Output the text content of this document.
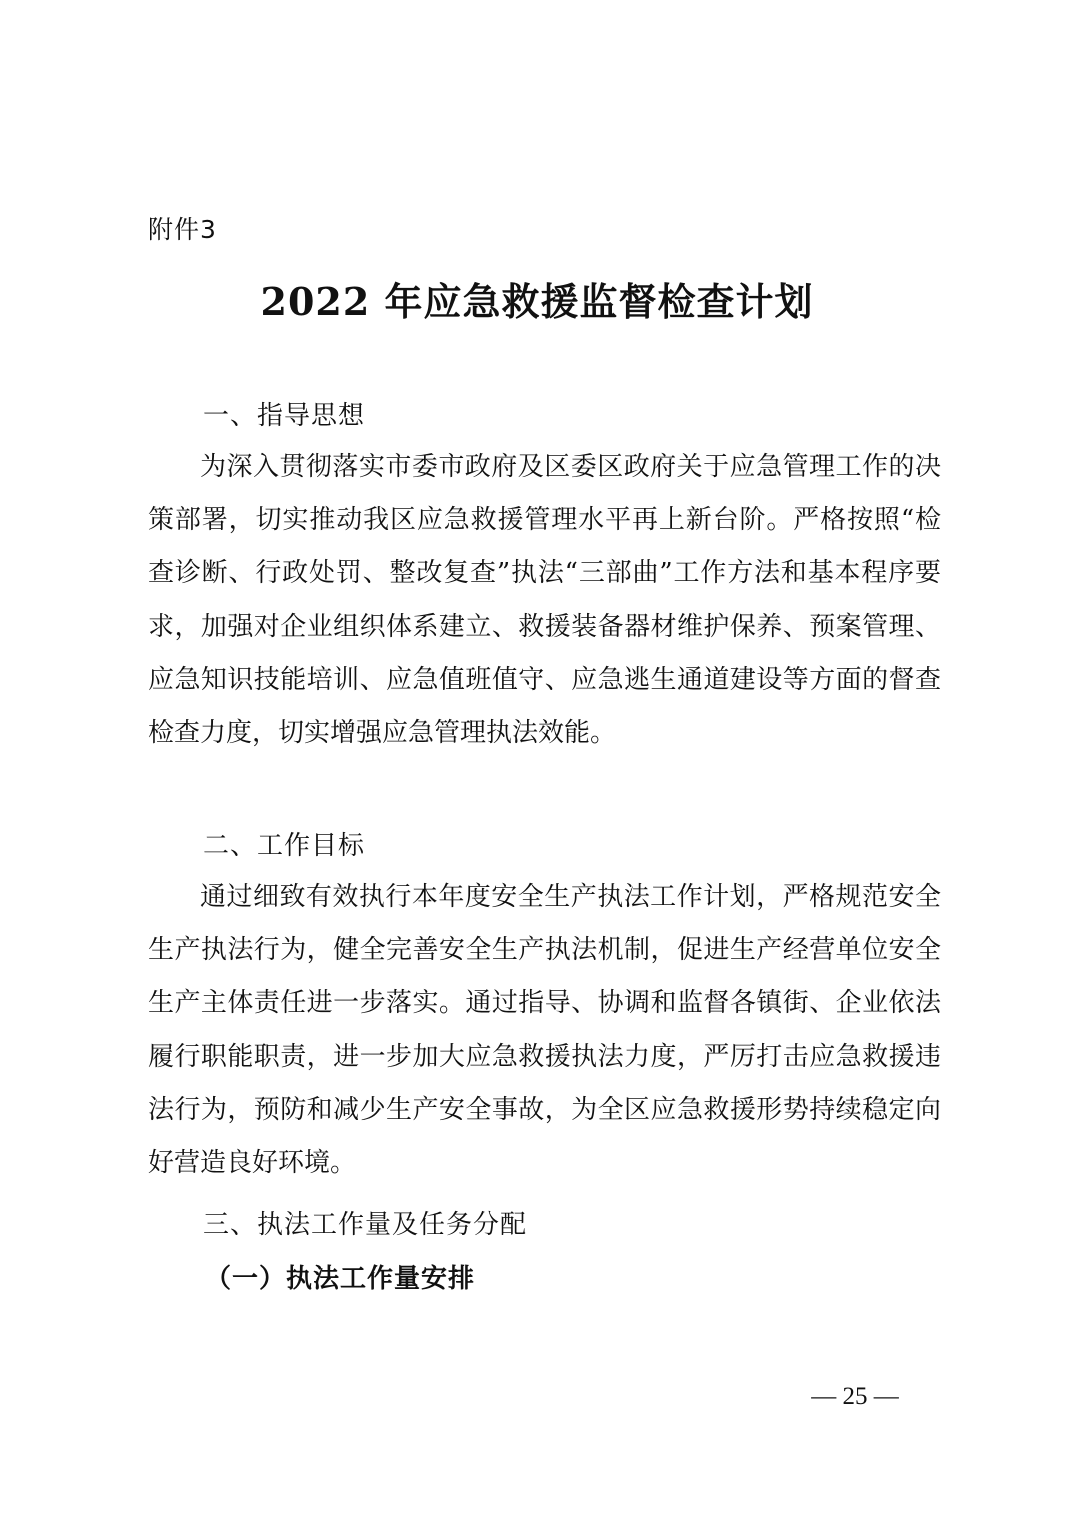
附件3
2022 年应急救援监督检查计划
一、指导思想

为深入贯彻落实市委市政府及区委区政府关于应急管理工作的决策部署，切实推动我区应急救援管理水平再上新台阶。严格按照“检查诊断、行政处罚、整改复查”执法“三部曲”工作方法和基本程序要求，加强对企业组织体系建立、救援装备器材维护保养、预案管理、应急知识技能培训、应急值班值守、应急逃生通道建设等方面的督查检查力度，切实增强应急管理执法效能。

二、工作目标

通过细致有效执行本年度安全生产执法工作计划，严格规范安全生产执法行为，健全完善安全生产执法机制，促进生产经营单位安全生产主体责任进一步落实。通过指导、协调和监督各镇街、企业依法履行职能职责，进一步加大应急救援执法力度，严厉打击应急救援违法行为，预防和减少生产安全事故，为全区应急救援形势持续稳定向好营造良好环境。

三、执法工作量及任务分配
（一）执法工作量安排
— 25 —
